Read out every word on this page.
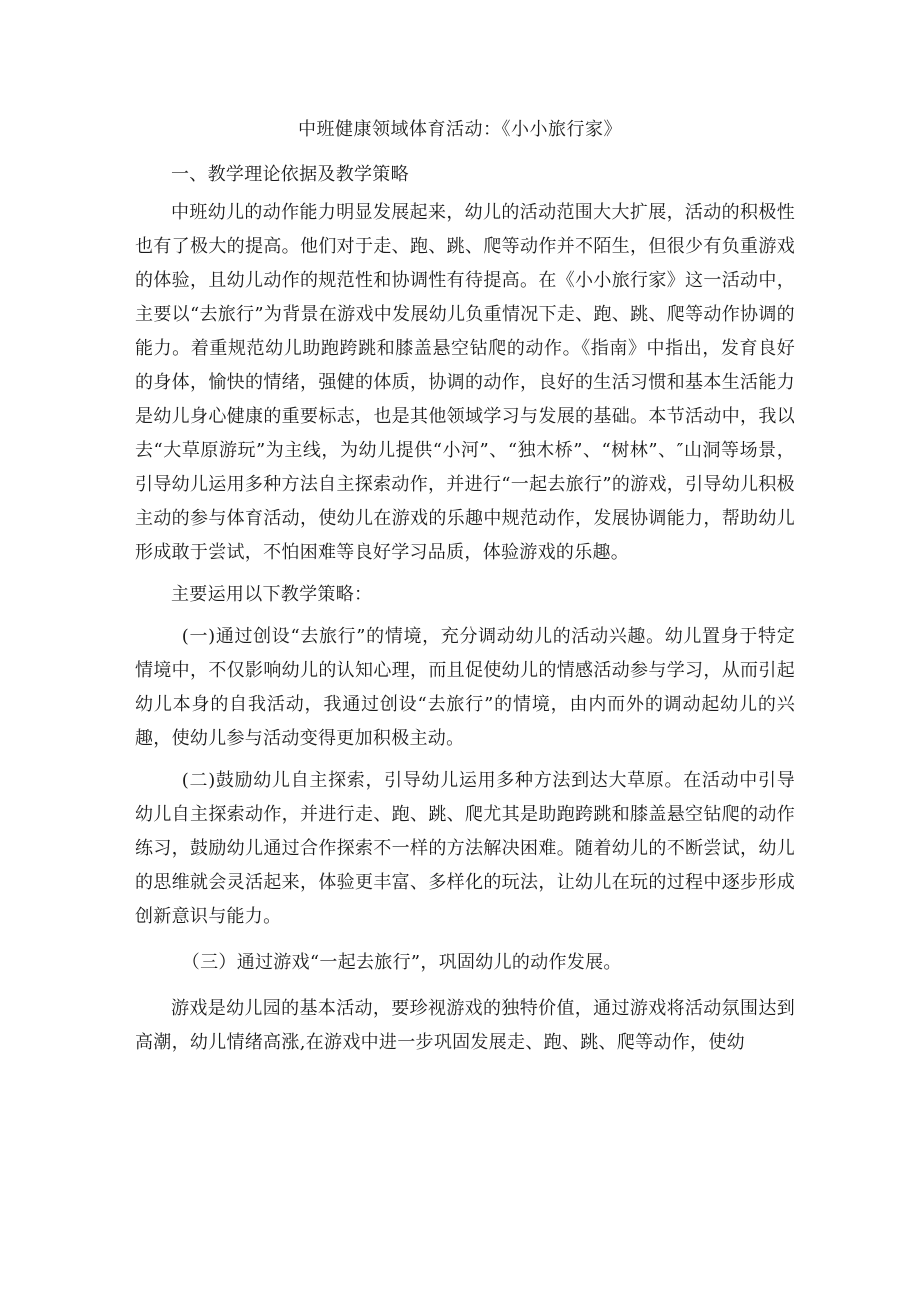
中班健康领域体育活动：《小小旅行家》

一、教学理论依据及教学策略

中班幼儿的动作能力明显发展起来，幼儿的活动范围大大扩展，活动的积极性也有了极大的提高。他们对于走、跑、跳、爬等动作并不陌生，但很少有负重游戏的体验，且幼儿动作的规范性和协调性有待提高。在《小小旅行家》这一活动中，主要以“去旅行”为背景在游戏中发展幼儿负重情况下走、跑、跳、爬等动作协调的能力。着重规范幼儿助跑跨跳和膝盖悬空钻爬的动作。《指南》中指出，发育良好的身体，愉快的情绪，强健的体质，协调的动作，良好的生活习惯和基本生活能力是幼儿身心健康的重要标志，也是其他领域学习与发展的基础。本节活动中，我以去“大草原游玩”为主线，为幼儿提供“小河”、“独木桥”、“树林”、″山洞等场景，引导幼儿运用多种方法自主探索动作，并进行“一起去旅行”的游戏，引导幼儿积极主动的参与体育活动，使幼儿在游戏的乐趣中规范动作，发展协调能力，帮助幼儿形成敢于尝试，不怕困难等良好学习品质，体验游戏的乐趣。

主要运用以下教学策略：

(一)通过创设“去旅行”的情境，充分调动幼儿的活动兴趣。幼儿置身于特定情境中，不仅影响幼儿的认知心理，而且促使幼儿的情感活动参与学习，从而引起幼儿本身的自我活动，我通过创设“去旅行”的情境，由内而外的调动起幼儿的兴趣，使幼儿参与活动变得更加积极主动。

(二)鼓励幼儿自主探索，引导幼儿运用多种方法到达大草原。在活动中引导幼儿自主探索动作，并进行走、跑、跳、爬尤其是助跑跨跳和膝盖悬空钻爬的动作练习，鼓励幼儿通过合作探索不一样的方法解决困难。随着幼儿的不断尝试，幼儿的思维就会灵活起来，体验更丰富、多样化的玩法，让幼儿在玩的过程中逐步形成创新意识与能力。

（三）通过游戏“一起去旅行”，巩固幼儿的动作发展。

游戏是幼儿园的基本活动，要珍视游戏的独特价值，通过游戏将活动氛围达到高潮，幼儿情绪高涨,在游戏中进一步巩固发展走、跑、跳、爬等动作，使幼
